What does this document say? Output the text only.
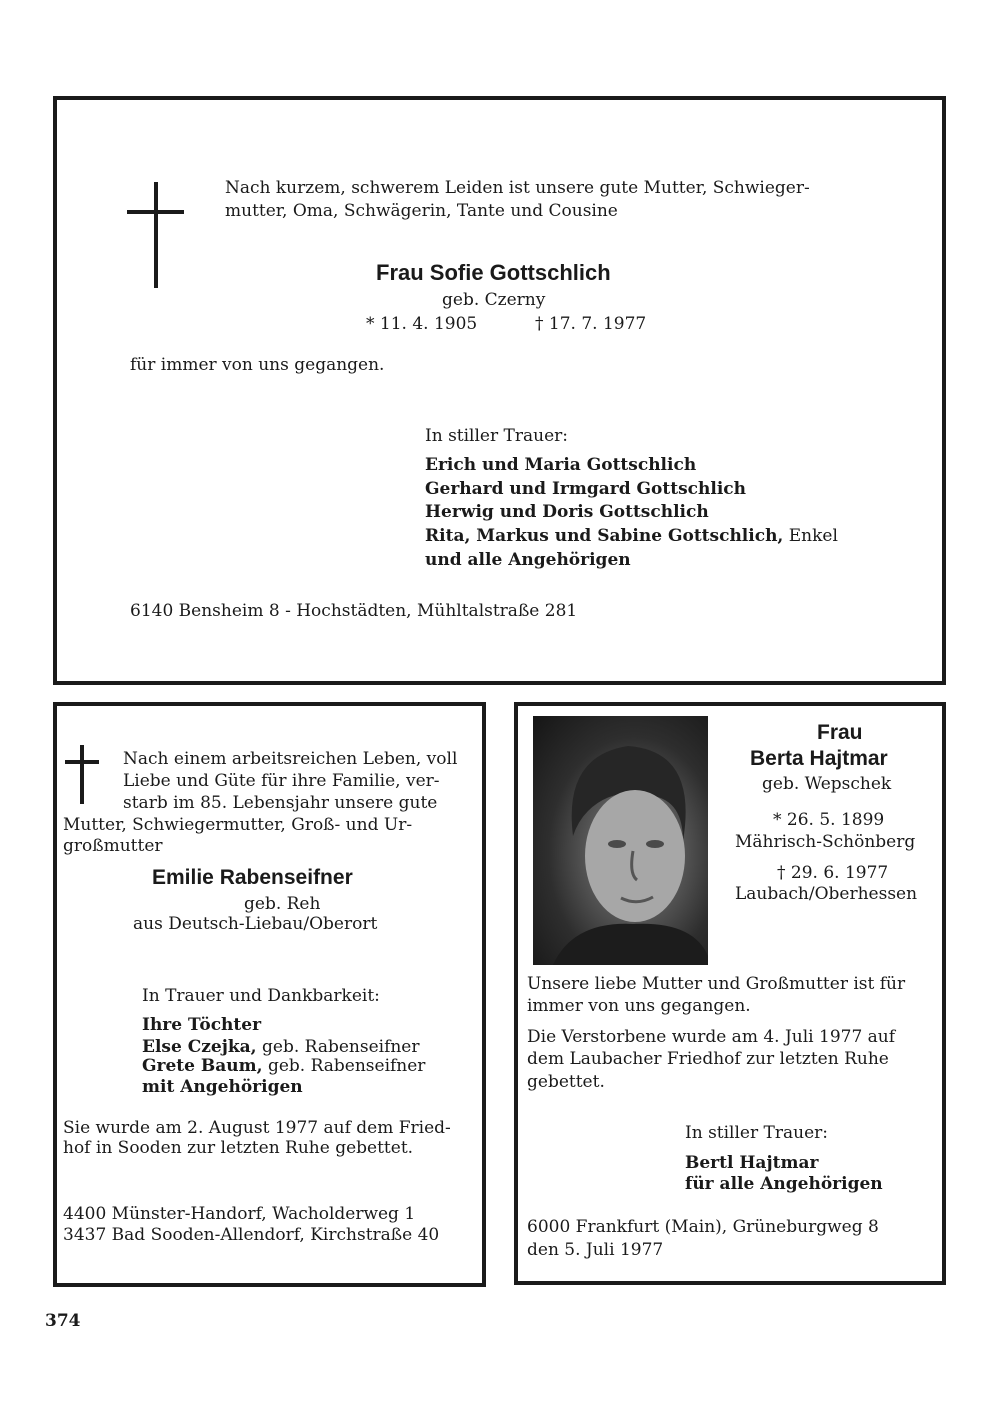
Nach kurzem, schwerem Leiden ist unsere gute Mutter, Schwieger-
mutter, Oma, Schwägerin, Tante und Cousine
Frau Sofie Gottschlich
geb. Czerny
* 11. 4. 1905	† 17. 7. 1977
für immer von uns gegangen.
In stiller Trauer:
Erich und Maria Gottschlich
Gerhard und Irmgard Gottschlich
Herwig und Doris Gottschlich
Rita, Markus und Sabine Gottschlich, Enkel
und alle Angehörigen
6140 Bensheim 8 - Hochstädten, Mühltalstraße 281
Nach einem arbeitsreichen Leben, voll
Liebe und Güte für ihre Familie, ver-
starb im 85. Lebensjahr unsere gute
Mutter, Schwiegermutter, Groß- und Ur-
großmutter
Emilie Rabenseifner
geb. Reh
aus Deutsch-Liebau/Oberort
In Trauer und Dankbarkeit:
Ihre Töchter
Else Czejka, geb. Rabenseifner
Grete Baum, geb. Rabenseifner
mit Angehörigen
Sie wurde am 2. August 1977 auf dem Fried-
hof in Sooden zur letzten Ruhe gebettet.
4400 Münster-Handorf, Wacholderweg 1
3437 Bad Sooden-Allendorf, Kirchstraße 40
Frau
Berta Hajtmar
geb. Wepschek
* 26. 5. 1899
Mährisch-Schönberg
† 29. 6. 1977
Laubach/Oberhessen
Unsere liebe Mutter und Großmutter ist für
immer von uns gegangen.
Die Verstorbene wurde am 4. Juli 1977 auf
dem Laubacher Friedhof zur letzten Ruhe
gebettet.
In stiller Trauer:
Bertl Hajtmar
für alle Angehörigen
6000 Frankfurt (Main), Grüneburgweg 8
den 5. Juli 1977
374
